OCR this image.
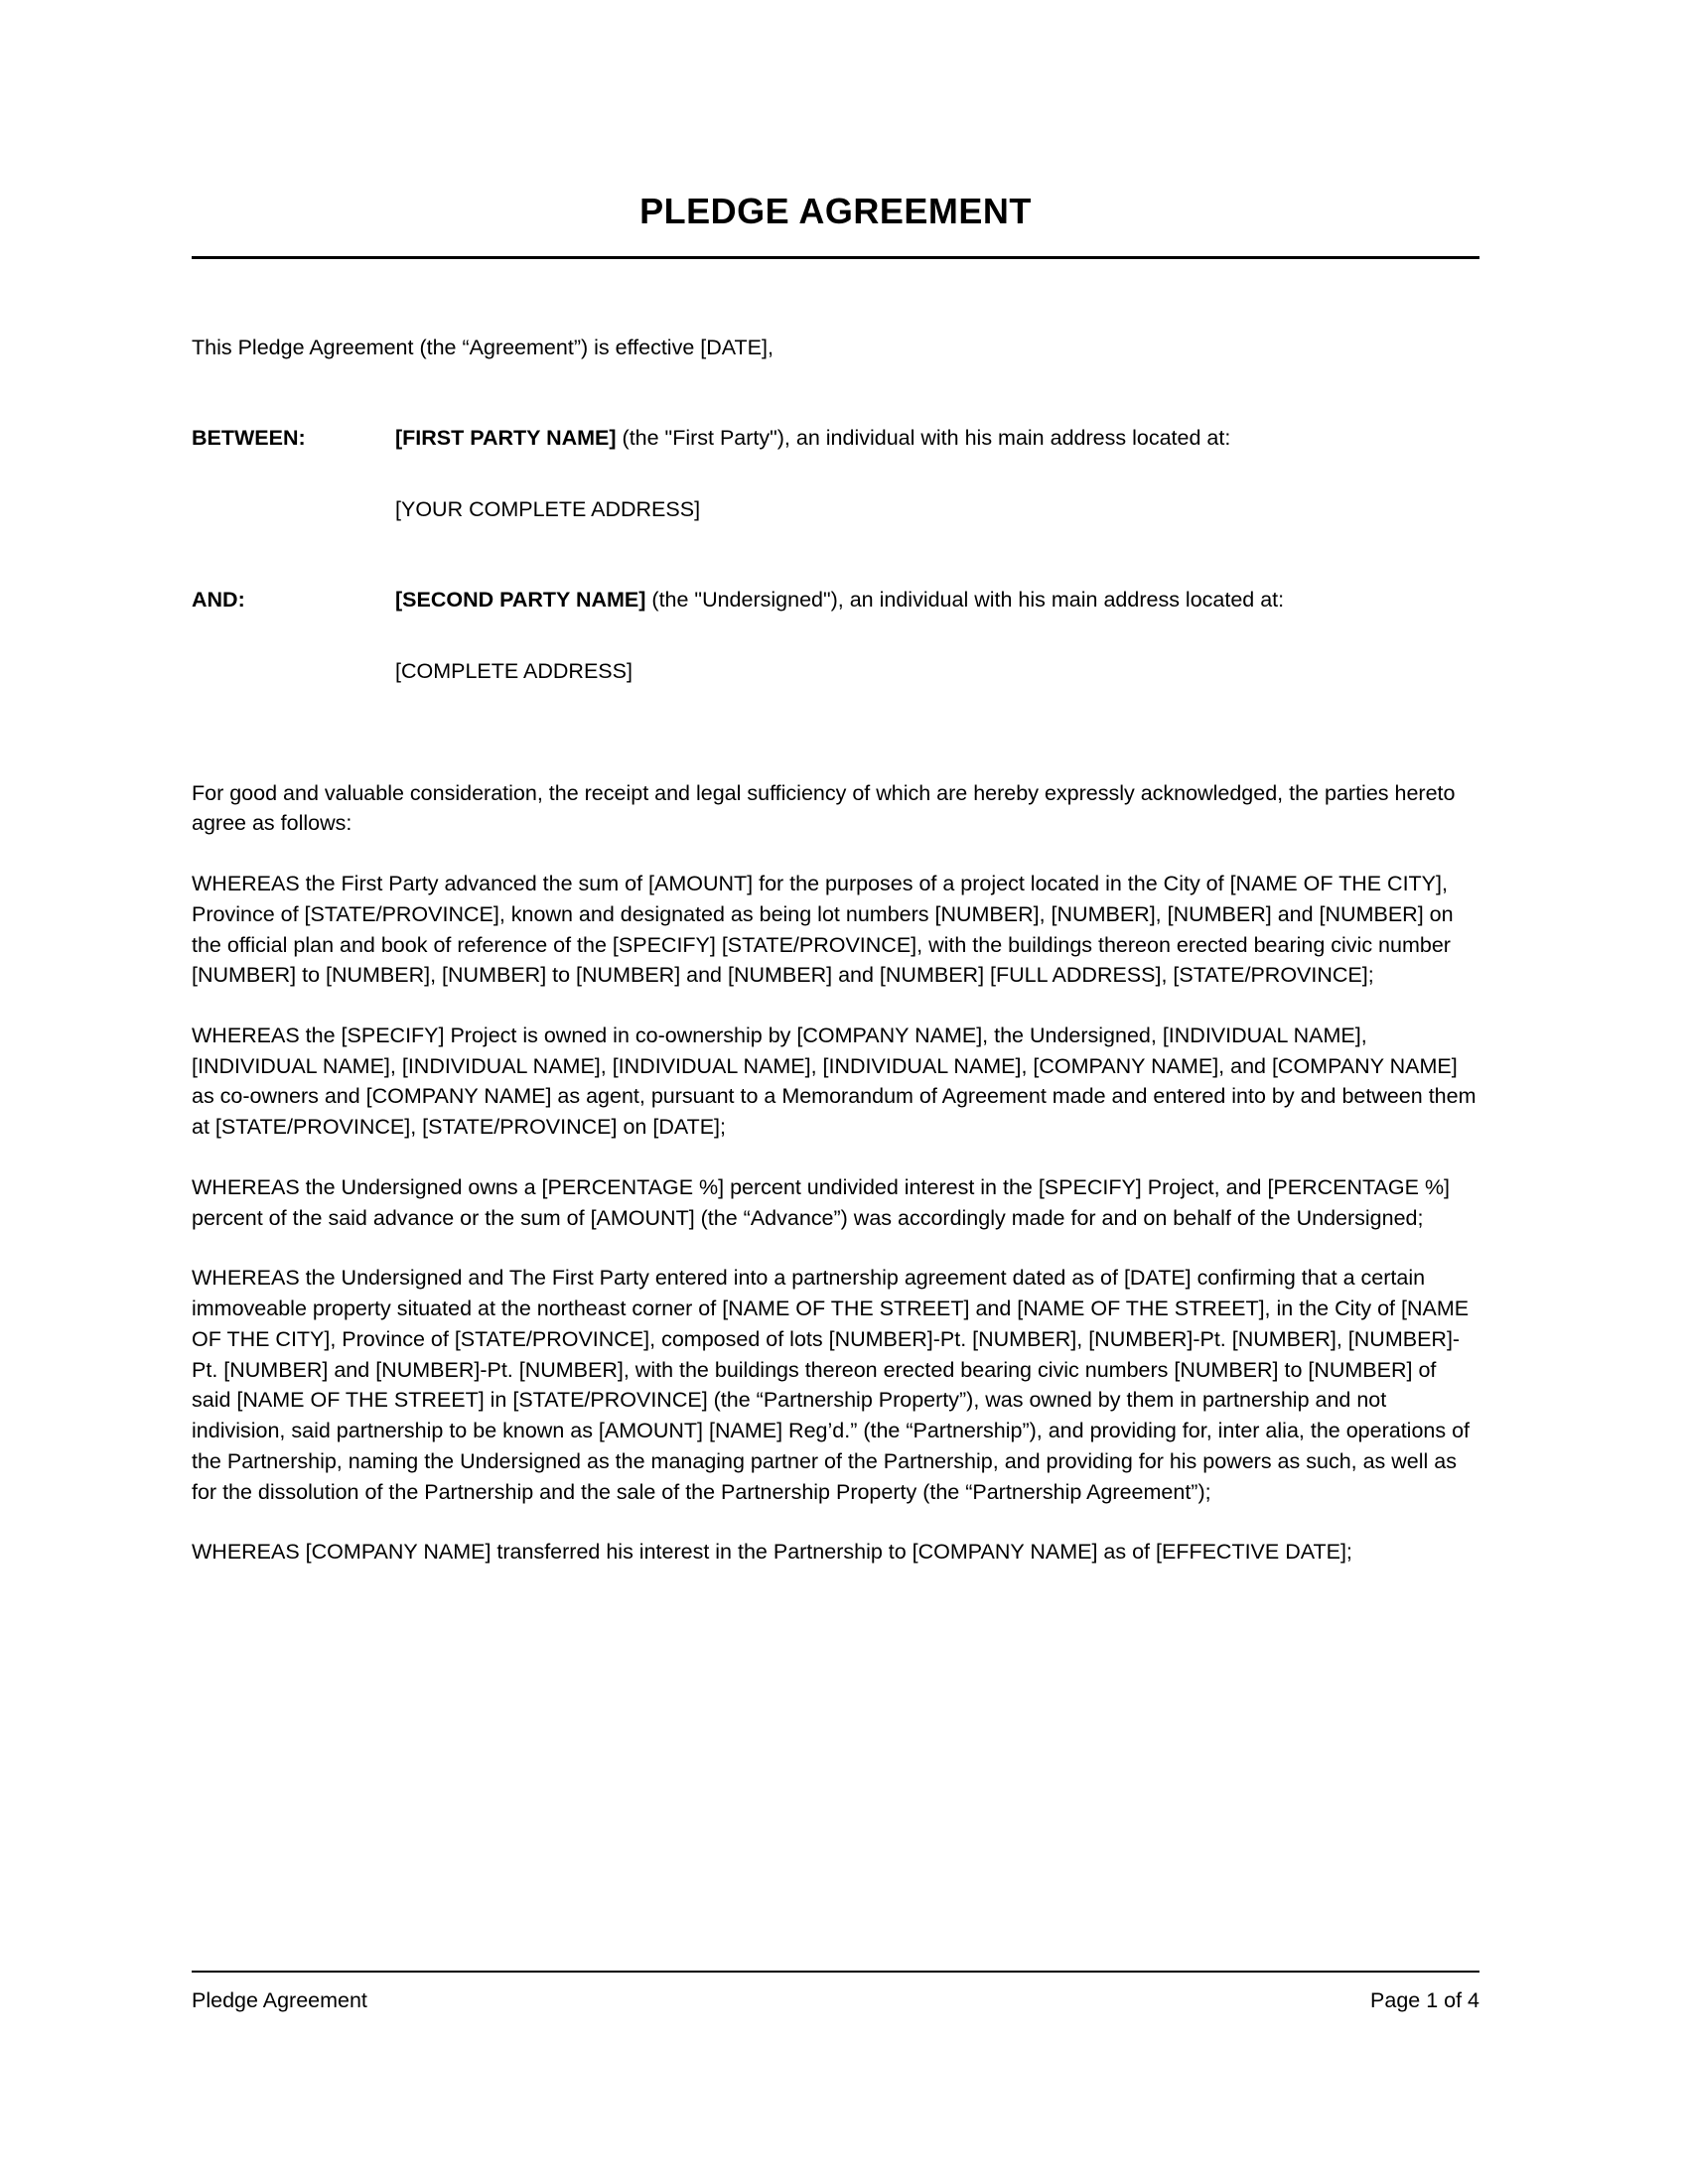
PLEDGE AGREEMENT

This Pledge Agreement (the “Agreement”) is effective [DATE],

BETWEEN:	[FIRST PARTY NAME] (the "First Party"), an individual with his main address located at:
[YOUR COMPLETE ADDRESS]
AND:	[SECOND PARTY NAME] (the "Undersigned"), an individual with his main address located at:
[COMPLETE ADDRESS]

For good and valuable consideration, the receipt and legal sufficiency of which are hereby expressly acknowledged, the parties hereto agree as follows:

WHEREAS the First Party advanced the sum of [AMOUNT] for the purposes of a project located in the City of [NAME OF THE CITY], Province of [STATE/PROVINCE], known and designated as being lot numbers [NUMBER], [NUMBER], [NUMBER] and [NUMBER] on the official plan and book of reference of the [SPECIFY] [STATE/PROVINCE], with the buildings thereon erected bearing civic number [NUMBER] to [NUMBER], [NUMBER] to [NUMBER] and [NUMBER] and [NUMBER] [FULL ADDRESS], [STATE/PROVINCE];

WHEREAS the [SPECIFY] Project is owned in co-ownership by [COMPANY NAME], the Undersigned, [INDIVIDUAL NAME], [INDIVIDUAL NAME], [INDIVIDUAL NAME], [INDIVIDUAL NAME], [INDIVIDUAL NAME], [COMPANY NAME], and [COMPANY NAME] as co-owners and [COMPANY NAME] as agent, pursuant to a Memorandum of Agreement made and entered into by and between them at [STATE/PROVINCE], [STATE/PROVINCE] on [DATE];

WHEREAS the Undersigned owns a [PERCENTAGE %] percent undivided interest in the [SPECIFY] Project, and [PERCENTAGE %] percent of the said advance or the sum of [AMOUNT] (the “Advance”) was accordingly made for and on behalf of the Undersigned;

WHEREAS the Undersigned and The First Party entered into a partnership agreement dated as of [DATE] confirming that a certain immoveable property situated at the northeast corner of [NAME OF THE STREET] and [NAME OF THE STREET], in the City of [NAME OF THE CITY], Province of [STATE/PROVINCE], composed of lots [NUMBER]-Pt. [NUMBER], [NUMBER]-Pt. [NUMBER], [NUMBER]-Pt. [NUMBER] and [NUMBER]-Pt. [NUMBER], with the buildings thereon erected bearing civic numbers [NUMBER] to [NUMBER] of said [NAME OF THE STREET] in [STATE/PROVINCE] (the “Partnership Property”), was owned by them in partnership and not indivision, said partnership to be known as [AMOUNT] [NAME] Reg’d.” (the “Partnership”), and providing for, inter alia, the operations of the Partnership, naming the Undersigned as the managing partner of the Partnership, and providing for his powers as such, as well as for the dissolution of the Partnership and the sale of the Partnership Property (the “Partnership Agreement”);

WHEREAS [COMPANY NAME] transferred his interest in the Partnership to [COMPANY NAME] as of [EFFECTIVE DATE];

Pledge Agreement	Page 1 of 4
